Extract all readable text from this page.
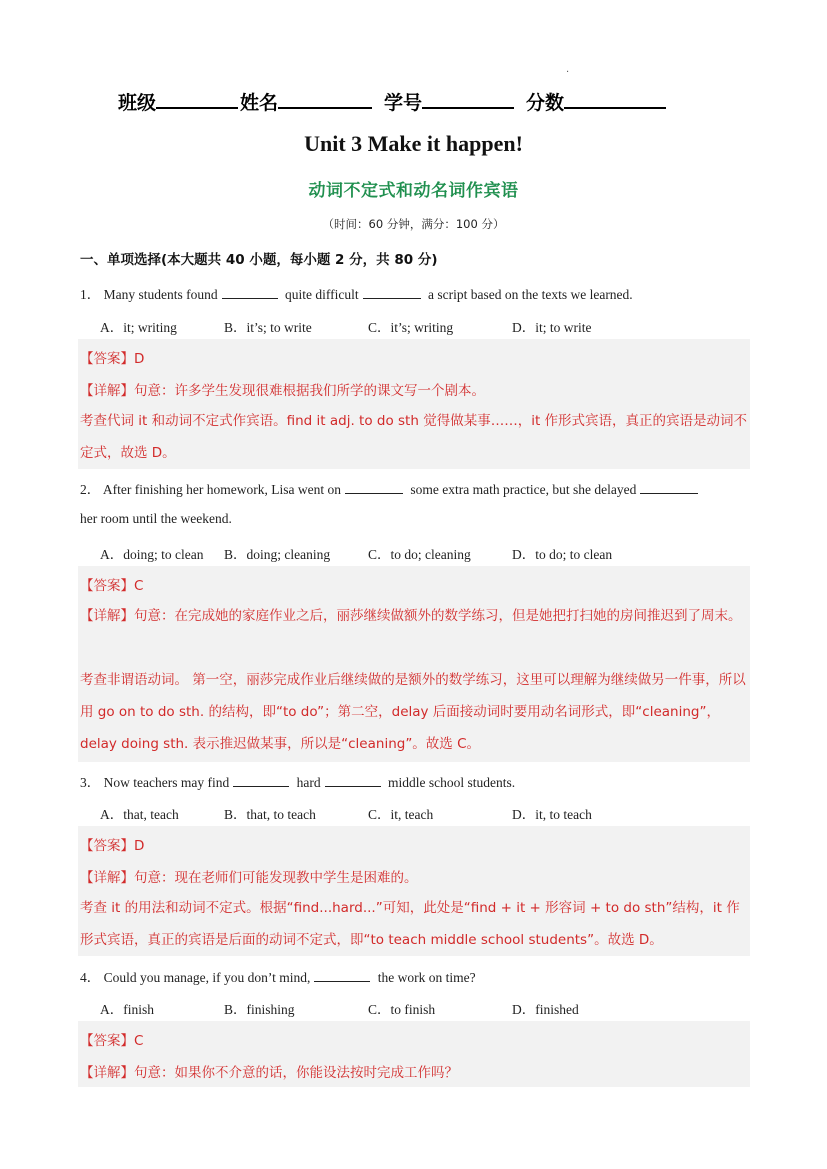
.
班级	姓名	学号	分数
Unit 3 Make it happen!
动词不定式和动名词作宾语
（时间：60 分钟，满分：100 分）
一、单项选择(本大题共 40 小题，每小题 2 分，共 80 分)
1． Many students found	quite difficult	a script based on the texts we learned.
A．it; writing	B．it’s; to write	C．it’s; writing	D．it; to write
【答案】D
【详解】句意：许多学生发现很难根据我们所学的课文写一个剧本。
考查代词 it 和动词不定式作宾语。find it adj. to do sth 觉得做某事……，it 作形式宾语，真正的宾语是动词不定式，故选 D。
2． After finishing her homework, Lisa went on	some extra math practice, but she delayed
her room until the weekend.
A．doing; to clean B．doing; cleaning	C．to do; cleaning	D．to do; to clean
【答案】C
【详解】句意：在完成她的家庭作业之后，丽莎继续做额外的数学练习，但是她把打扫她的房间推迟到了周末。
考查非谓语动词。 第一空，丽莎完成作业后继续做的是额外的数学练习，这里可以理解为继续做另一件事，所以用 go on to do sth. 的结构，即“to do”；第二空，delay 后面接动词时要用动名词形式，即“cleaning”，delay doing sth. 表示推迟做某事，所以是“cleaning”。故选 C。
3． Now teachers may find	hard	middle school students.
A．that, teach	B．that, to teach	C．it, teach	D．it, to teach
【答案】D
【详解】句意：现在老师们可能发现教中学生是困难的。
考查 it 的用法和动词不定式。根据“find...hard...”可知，此处是“find + it + 形容词 + to do sth”结构，it 作形式宾语，真正的宾语是后面的动词不定式，即“to teach middle school students”。故选 D。
4． Could you manage, if you don’t mind,	the work on time?
A．finish	B．finishing	C．to finish	D．finished
【答案】C
【详解】句意：如果你不介意的话，你能设法按时完成工作吗？
